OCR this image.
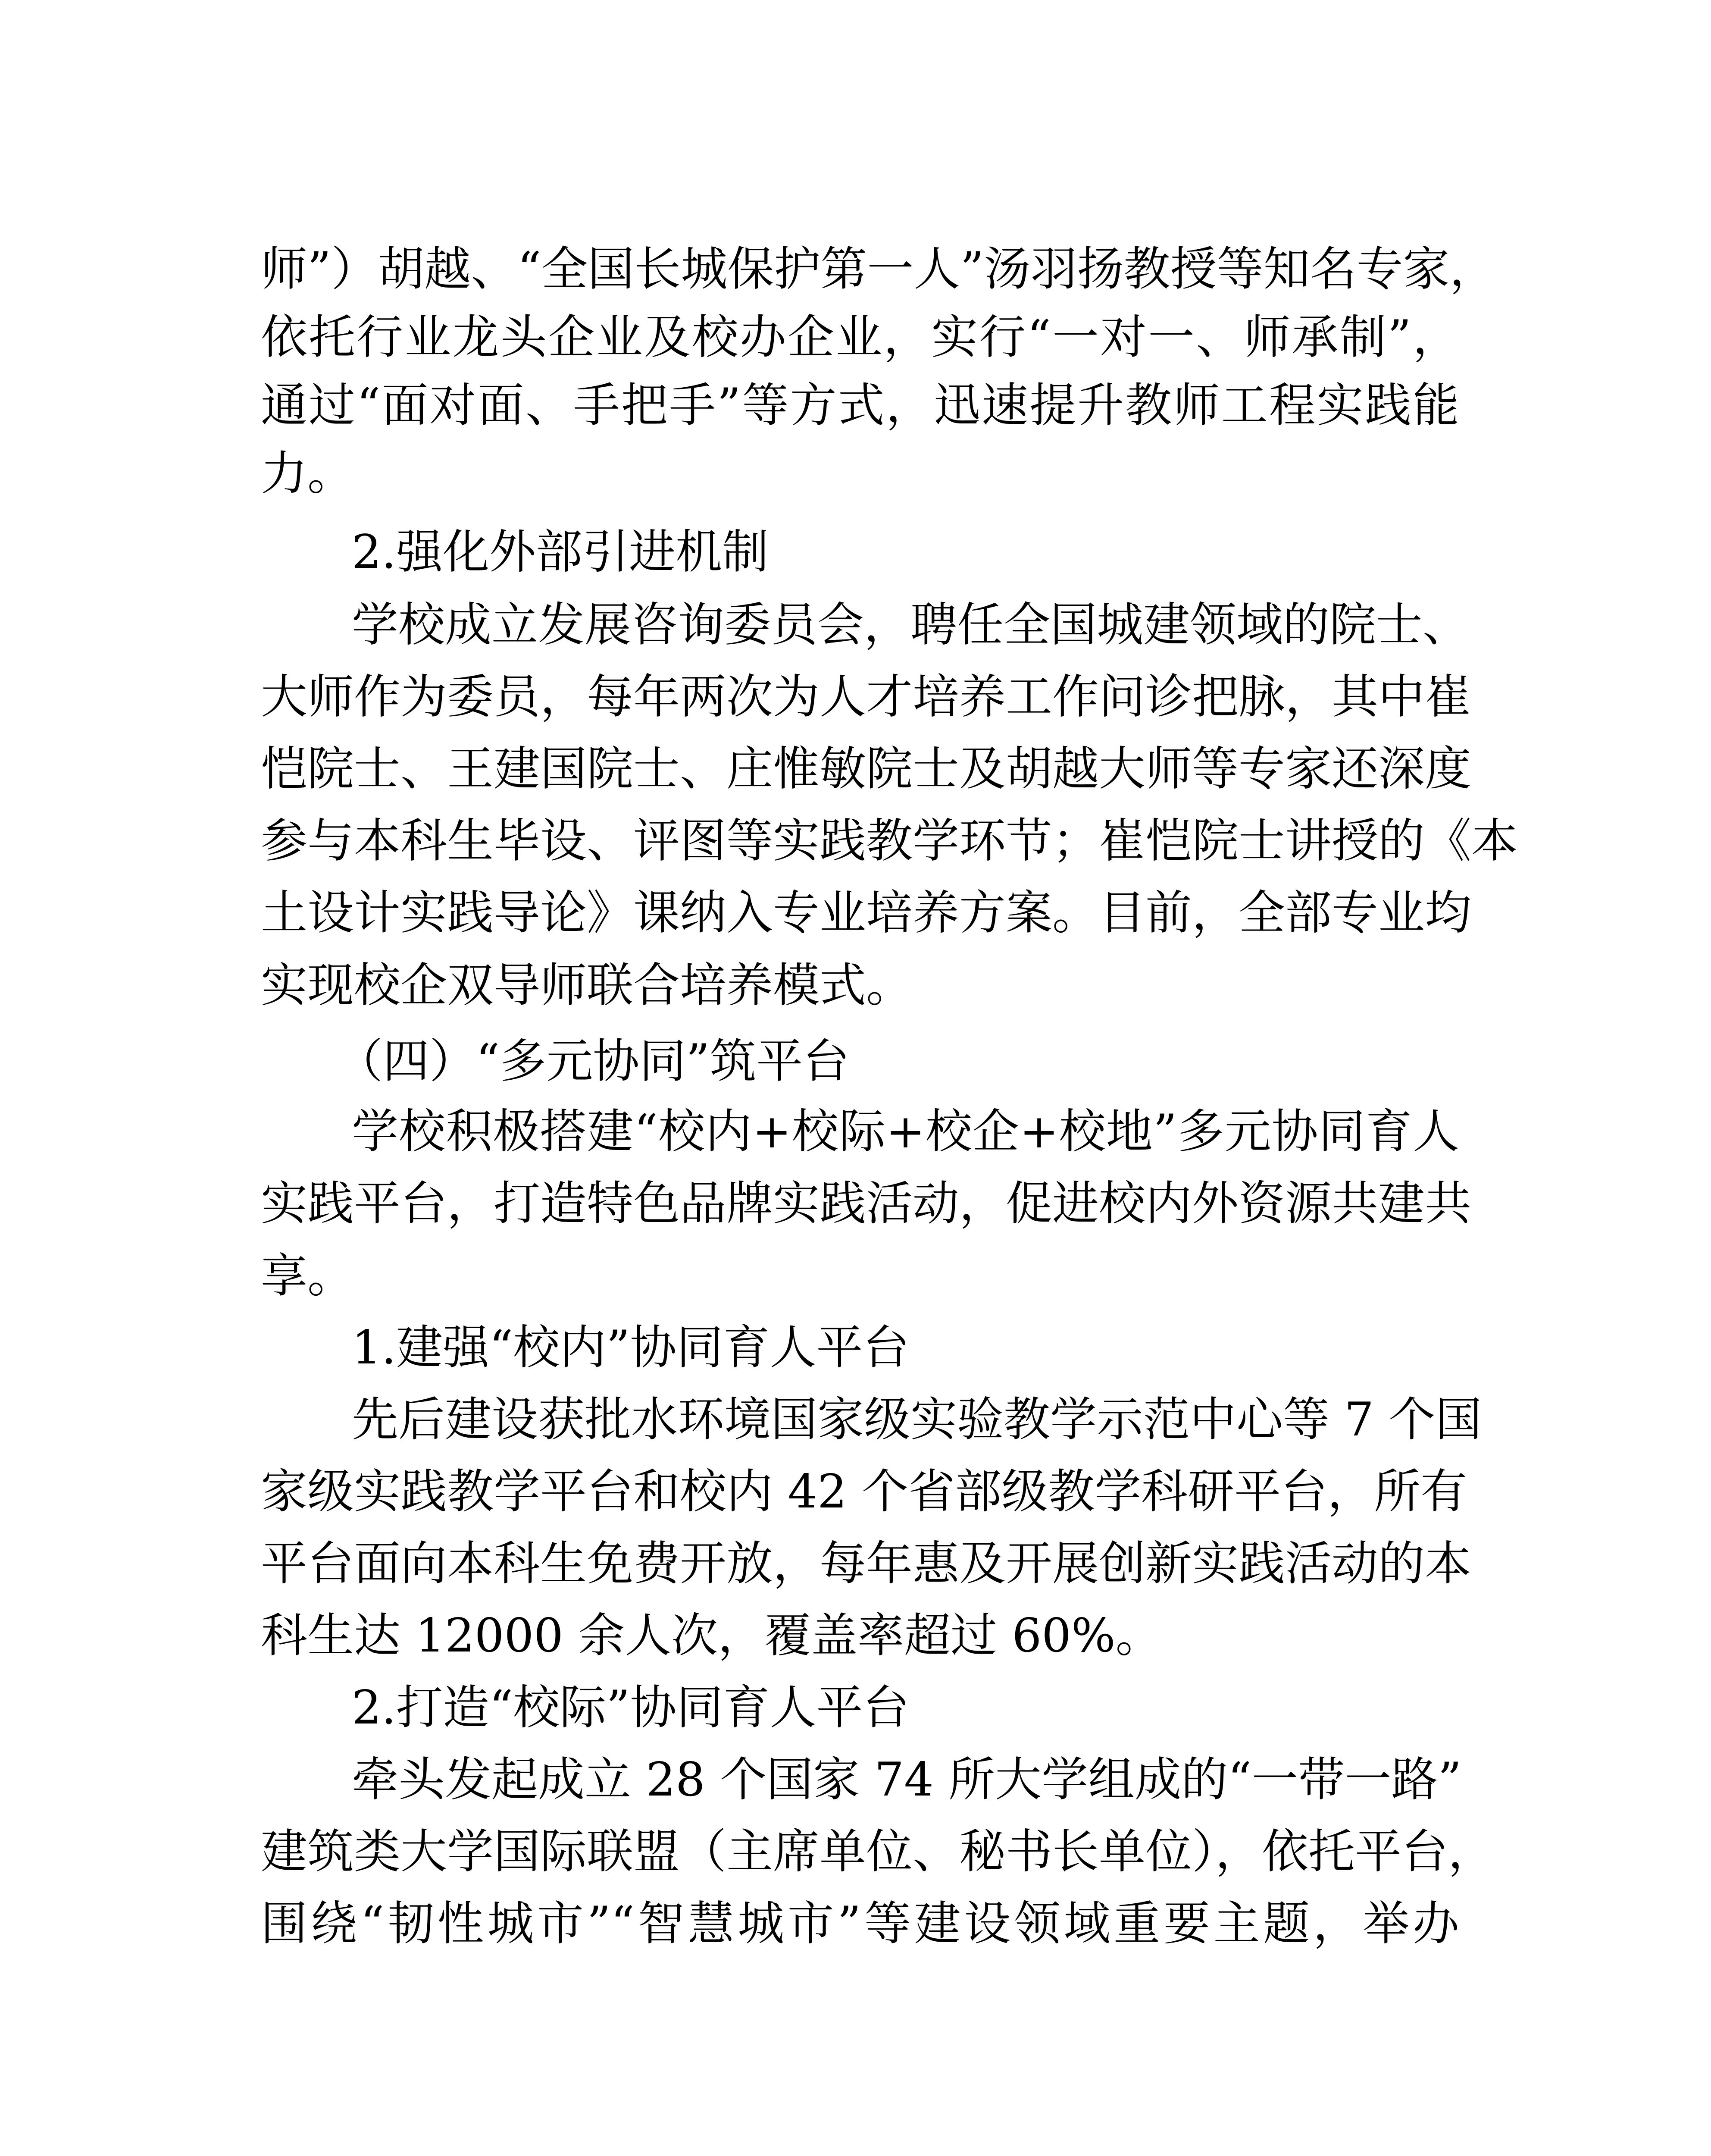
师”）胡越、“全国长城保护第一人”汤羽扬教授等知名专家，
依托行业龙头企业及校办企业，实行“一对一、师承制”，
通过“面对面、手把手”等方式，迅速提升教师工程实践能
力。
2.强化外部引进机制
学校成立发展咨询委员会，聘任全国城建领域的院士、
大师作为委员，每年两次为人才培养工作问诊把脉，其中崔
恺院士、王建国院士、庄惟敏院士及胡越大师等专家还深度
参与本科生毕设、评图等实践教学环节；崔恺院士讲授的《本
土设计实践导论》课纳入专业培养方案。目前，全部专业均
实现校企双导师联合培养模式。
（四）“多元协同”筑平台
学校积极搭建“校内+校际+校企+校地”多元协同育人
实践平台，打造特色品牌实践活动，促进校内外资源共建共
享。
1.建强“校内”协同育人平台
先后建设获批水环境国家级实验教学示范中心等 7 个国
家级实践教学平台和校内 42 个省部级教学科研平台，所有
平台面向本科生免费开放，每年惠及开展创新实践活动的本
科生达 12000 余人次，覆盖率超过 60%。
2.打造“校际”协同育人平台
牵头发起成立 28 个国家 74 所大学组成的“一带一路”
建筑类大学国际联盟（主席单位、秘书长单位），依托平台，
围绕“韧性城市”“智慧城市”等建设领域重要主题，举办
